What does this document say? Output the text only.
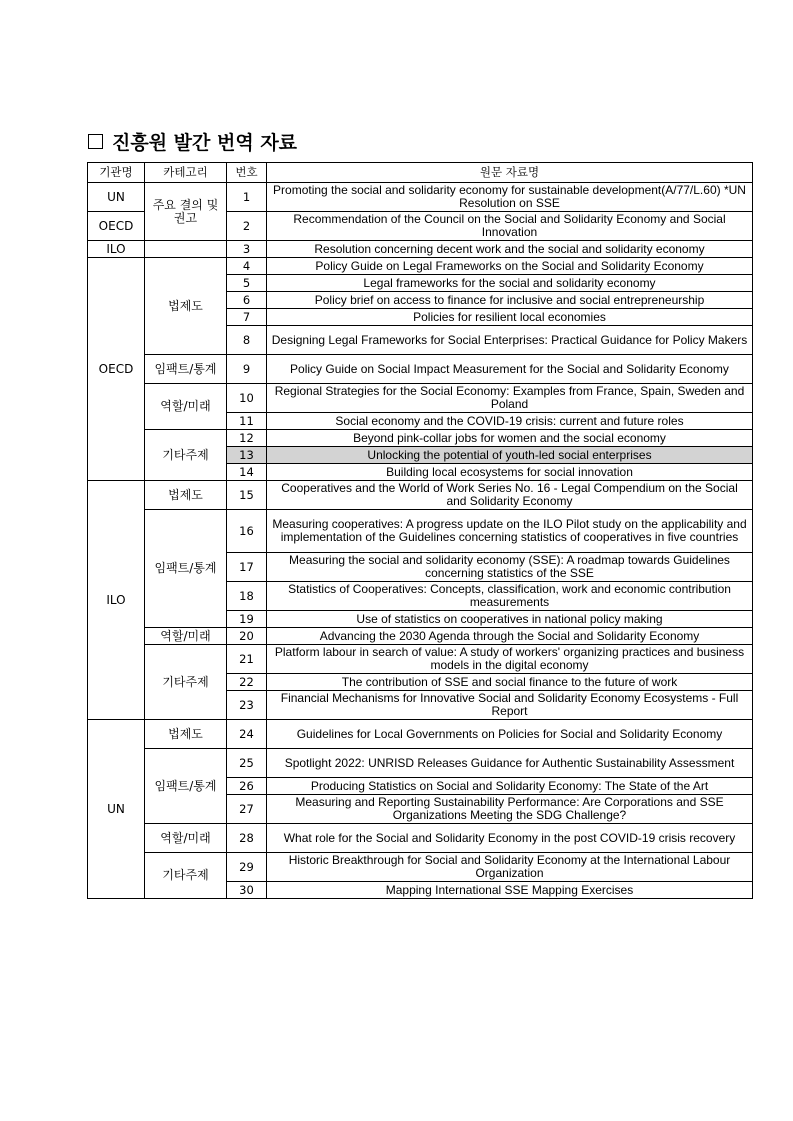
진흥원 발간 번역 자료
기관명	카테고리	번호	원문 자료명
UN	주요 결의 및 권고	1	Promoting the social and solidarity economy for sustainable development(A/77/L.60) *UN Resolution on SSE
OECD		2	Recommendation of the Council on the Social and Solidarity Economy and Social Innovation
ILO		3	Resolution concerning decent work and the social and solidarity economy
OECD	법제도	4	Policy Guide on Legal Frameworks on the Social and Solidarity Economy
		5	Legal frameworks for the social and solidarity economy
		6	Policy brief on access to finance for inclusive and social entrepreneurship
		7	Policies for resilient local economies
		8	Designing Legal Frameworks for Social Enterprises: Practical Guidance for Policy Makers
	임팩트/통계	9	Policy Guide on Social Impact Measurement for the Social and Solidarity Economy
	역할/미래	10	Regional Strategies for the Social Economy: Examples from France, Spain, Sweden and Poland
		11	Social economy and the COVID-19 crisis: current and future roles
	기타주제	12	Beyond pink-collar jobs for women and the social economy
		13	Unlocking the potential of youth-led social enterprises
		14	Building local ecosystems for social innovation
ILO	법제도	15	Cooperatives and the World of Work Series No. 16 - Legal Compendium on the Social and Solidarity Economy
	임팩트/통계	16	Measuring cooperatives: A progress update on the ILO Pilot study on the applicability and implementation of the Guidelines concerning statistics of cooperatives in five countries
		17	Measuring the social and solidarity economy (SSE): A roadmap towards Guidelines concerning statistics of the SSE
		18	Statistics of Cooperatives: Concepts, classification, work and economic contribution measurements
		19	Use of statistics on cooperatives in national policy making
	역할/미래	20	Advancing the 2030 Agenda through the Social and Solidarity Economy
	기타주제	21	Platform labour in search of value: A study of workers' organizing practices and business models in the digital economy
		22	The contribution of SSE and social finance to the future of work
		23	Financial Mechanisms for Innovative Social and Solidarity Economy Ecosystems - Full Report
UN	법제도	24	Guidelines for Local Governments on Policies for Social and Solidarity Economy
	임팩트/통계	25	Spotlight 2022: UNRISD Releases Guidance for Authentic Sustainability Assessment
		26	Producing Statistics on Social and Solidarity Economy: The State of the Art
		27	Measuring and Reporting Sustainability Performance: Are Corporations and SSE Organizations Meeting the SDG Challenge?
	역할/미래	28	What role for the Social and Solidarity Economy in the post COVID-19 crisis recovery
	기타주제	29	Historic Breakthrough for Social and Solidarity Economy at the International Labour Organization
		30	Mapping International SSE Mapping Exercises
